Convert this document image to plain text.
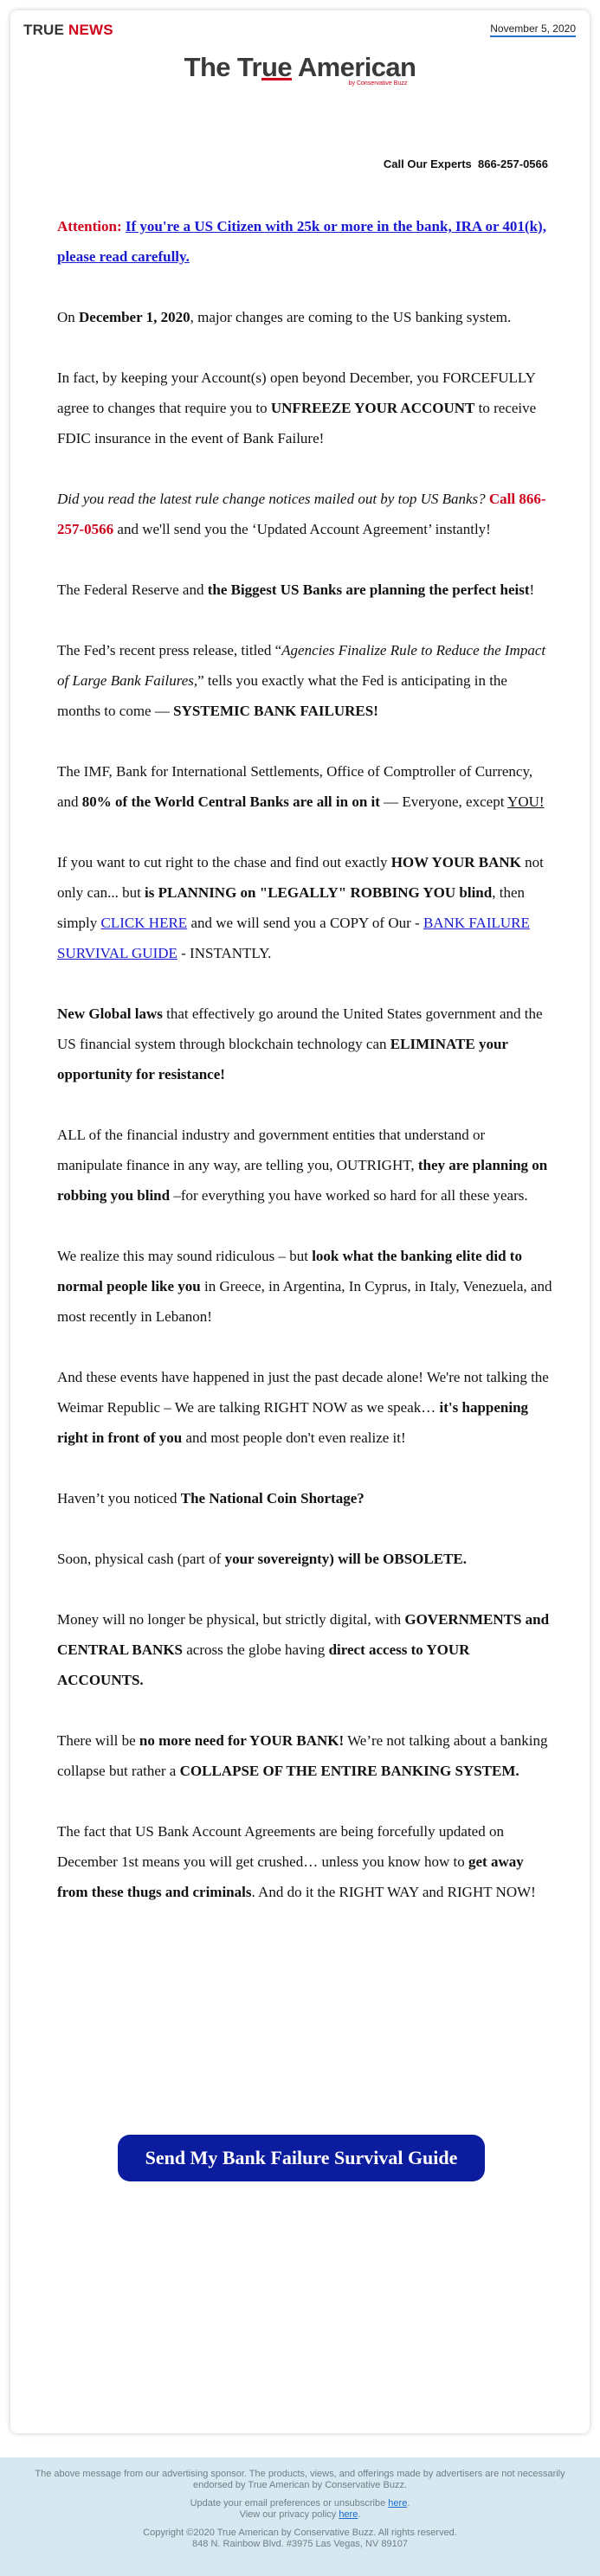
TRUE NEWS	November 5, 2020
The True American
by Conservative Buzz
Call Our Experts 866-257-0566

Attention: If you're a US Citizen with 25k or more in the bank, IRA or 401(k), please read carefully.

On December 1, 2020, major changes are coming to the US banking system.

In fact, by keeping your Account(s) open beyond December, you FORCEFULLY agree to changes that require you to UNFREEZE YOUR ACCOUNT to receive FDIC insurance in the event of Bank Failure!

Did you read the latest rule change notices mailed out by top US Banks? Call 866-257-0566 and we'll send you the ‘Updated Account Agreement’ instantly!

The Federal Reserve and the Biggest US Banks are planning the perfect heist!

The Fed’s recent press release, titled “Agencies Finalize Rule to Reduce the Impact of Large Bank Failures,” tells you exactly what the Fed is anticipating in the months to come — SYSTEMIC BANK FAILURES!

The IMF, Bank for International Settlements, Office of Comptroller of Currency, and 80% of the World Central Banks are all in on it — Everyone, except YOU!

If you want to cut right to the chase and find out exactly HOW YOUR BANK not only can... but is PLANNING on "LEGALLY" ROBBING YOU blind, then simply CLICK HERE and we will send you a COPY of Our - BANK FAILURE SURVIVAL GUIDE - INSTANTLY.

New Global laws that effectively go around the United States government and the US financial system through blockchain technology can ELIMINATE your opportunity for resistance!

ALL of the financial industry and government entities that understand or manipulate finance in any way, are telling you, OUTRIGHT, they are planning on robbing you blind –for everything you have worked so hard for all these years.

We realize this may sound ridiculous – but look what the banking elite did to normal people like you in Greece, in Argentina, In Cyprus, in Italy, Venezuela, and most recently in Lebanon!

And these events have happened in just the past decade alone! We're not talking the Weimar Republic – We are talking RIGHT NOW as we speak… it's happening right in front of you and most people don't even realize it!

Haven’t you noticed The National Coin Shortage?

Soon, physical cash (part of your sovereignty) will be OBSOLETE.

Money will no longer be physical, but strictly digital, with GOVERNMENTS and CENTRAL BANKS across the globe having direct access to YOUR ACCOUNTS.

There will be no more need for YOUR BANK! We’re not talking about a banking collapse but rather a COLLAPSE OF THE ENTIRE BANKING SYSTEM.

The fact that US Bank Account Agreements are being forcefully updated on December 1st means you will get crushed… unless you know how to get away from these thugs and criminals. And do it the RIGHT WAY and RIGHT NOW!

Send My Bank Failure Survival Guide

The above message from our advertising sponsor. The products, views, and offerings made by advertisers are not necessarily endorsed by True American by Conservative Buzz.

Update your email preferences or unsubscribe here.
View our privacy policy here.

Copyright ©2020 True American by Conservative Buzz. All rights reserved.
848 N. Rainbow Blvd. #3975 Las Vegas, NV 89107
